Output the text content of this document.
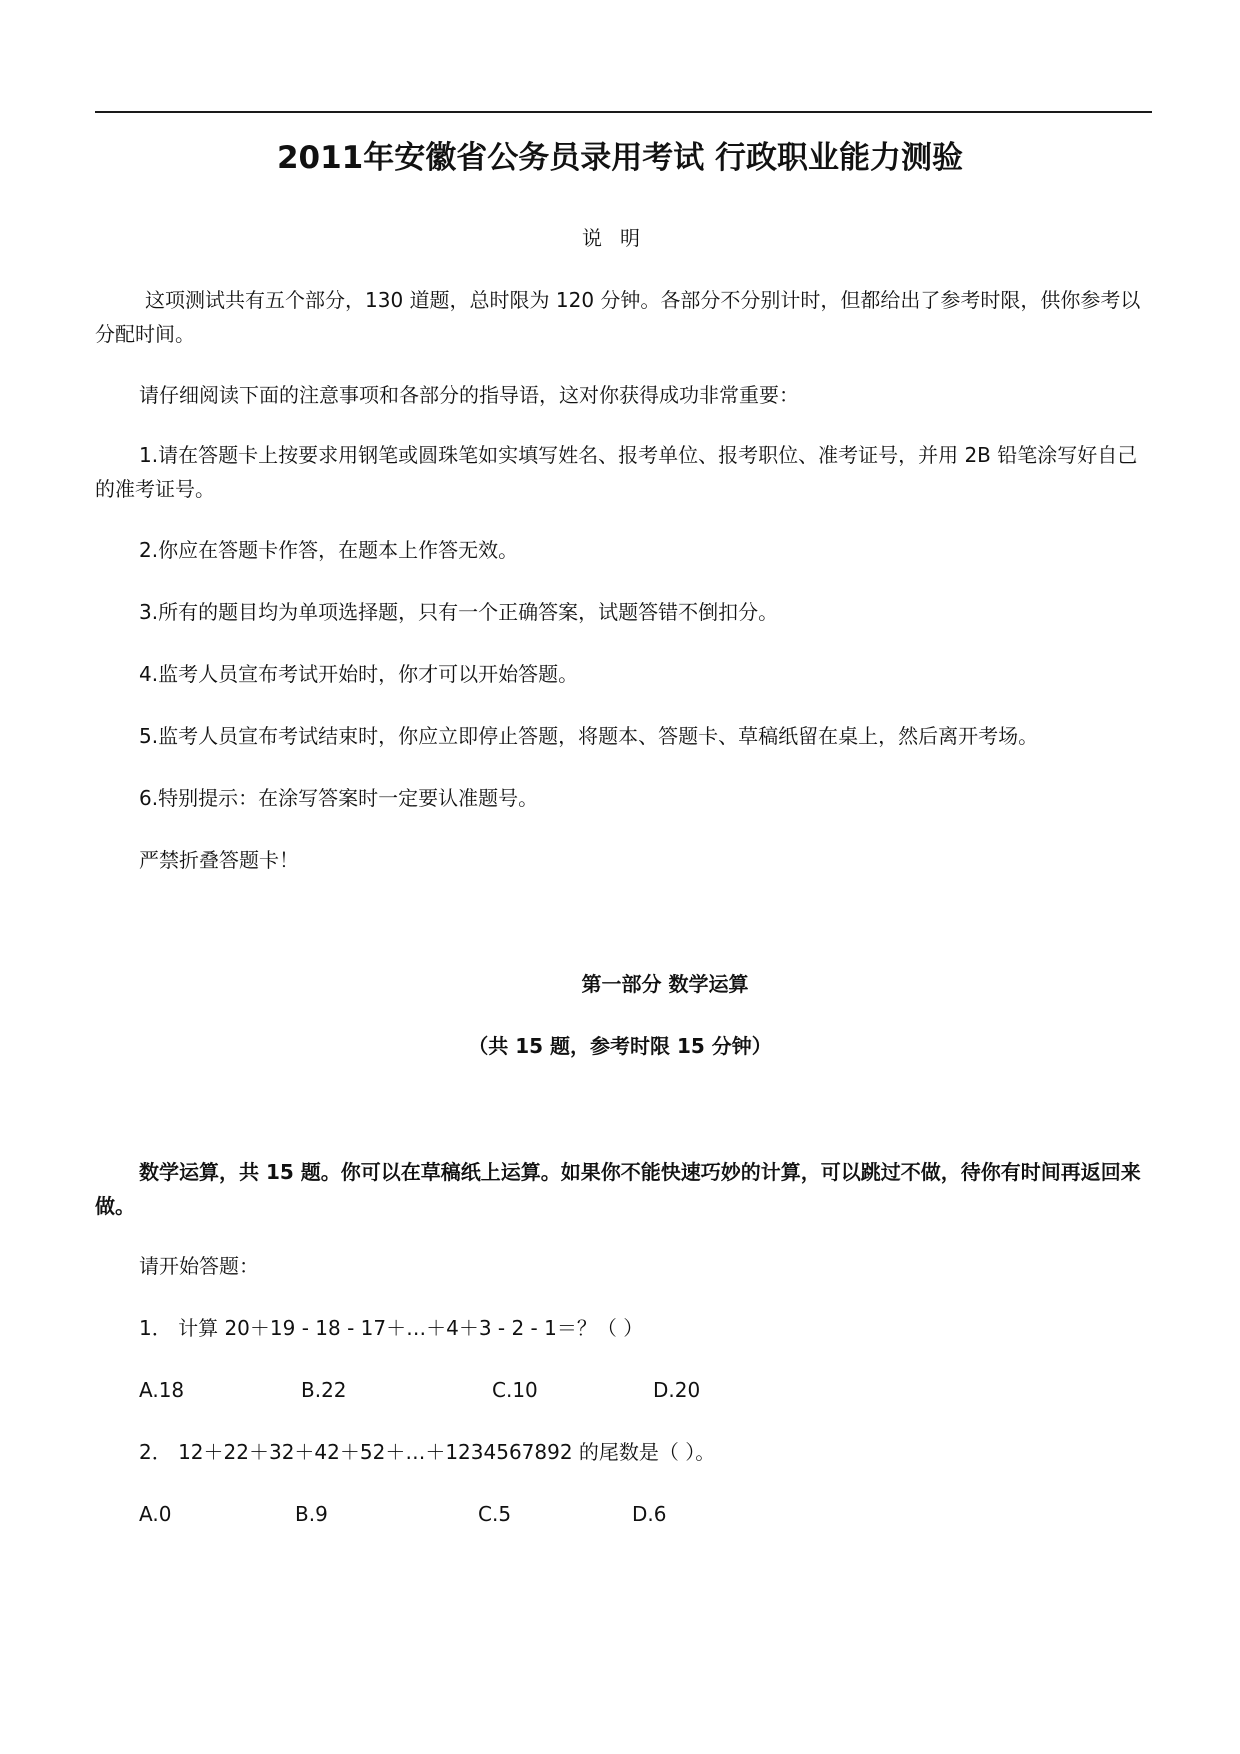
2011年安徽省公务员录用考试 行政职业能力测验
说明
这项测试共有五个部分，130 道题，总时限为 120 分钟。各部分不分别计时，但都给出了参考时限，供你参考以分配时间。
请仔细阅读下面的注意事项和各部分的指导语，这对你获得成功非常重要：
1.请在答题卡上按要求用钢笔或圆珠笔如实填写姓名、报考单位、报考职位、准考证号，并用 2B 铅笔涂写好自己的准考证号。
2.你应在答题卡作答，在题本上作答无效。
3.所有的题目均为单项选择题，只有一个正确答案，试题答错不倒扣分。
4.监考人员宣布考试开始时，你才可以开始答题。
5.监考人员宣布考试结束时，你应立即停止答题，将题本、答题卡、草稿纸留在桌上，然后离开考场。
6.特别提示：在涂写答案时一定要认准题号。
严禁折叠答题卡！
第一部分 数学运算
（共 15 题，参考时限 15 分钟）
数学运算，共 15 题。你可以在草稿纸上运算。如果你不能快速巧妙的计算，可以跳过不做，待你有时间再返回来做。
请开始答题：
1． 计算 20＋19 - 18 - 17＋…＋4＋3 - 2 - 1＝？（ ）
A.18	B.22	C.10	D.20
2． 12＋22＋32＋42＋52＋…＋1234567892 的尾数是（ ）。
A.0	B.9	C.5	D.6
